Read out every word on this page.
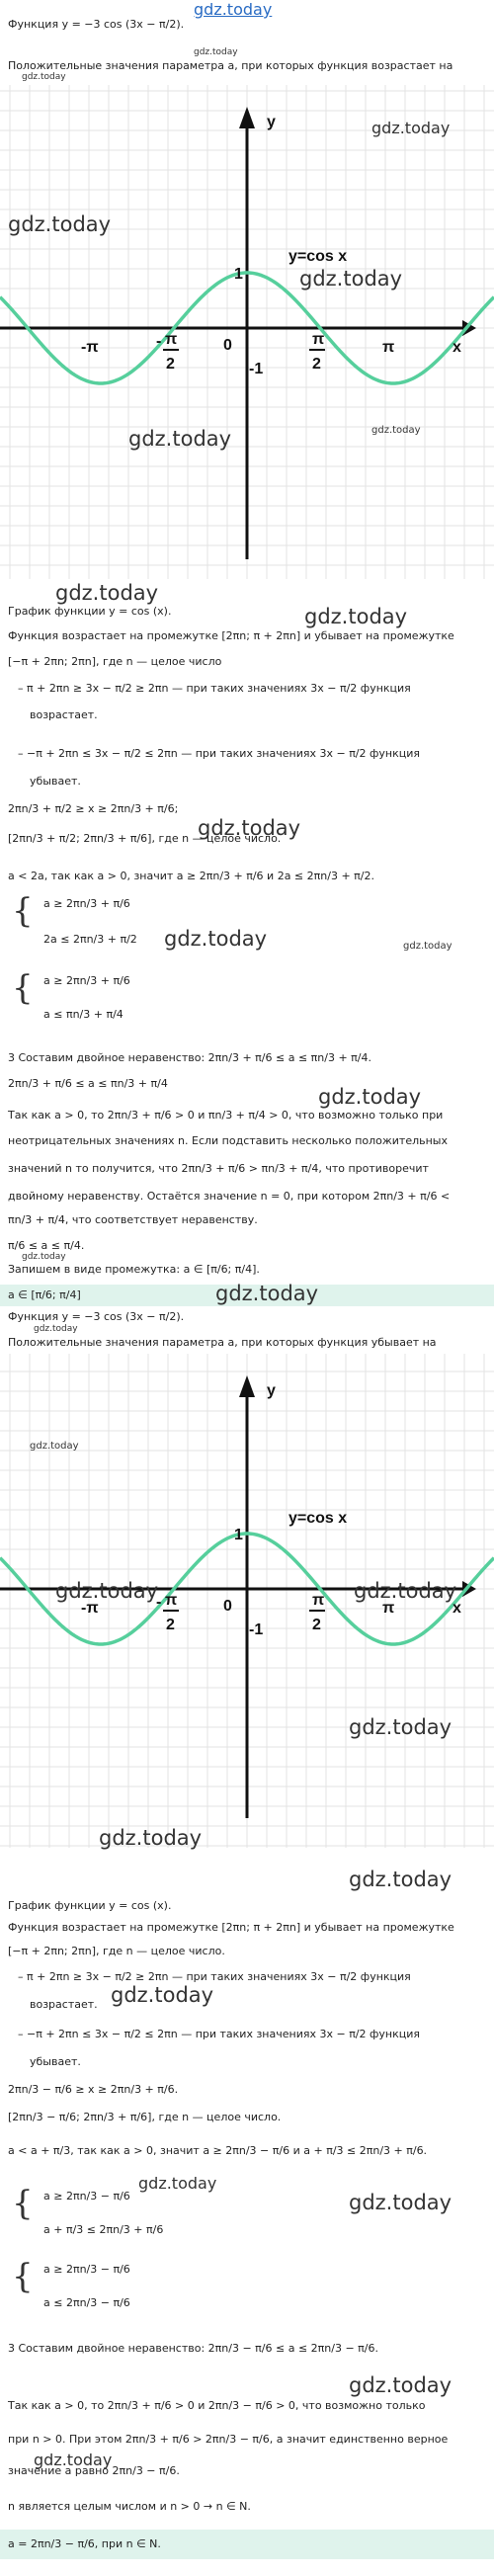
gdz.today
Функция y = −3 cos (3x − π/2).
gdz.today
Положительные значения параметра a, при которых функция возрастает на
gdz.today
y
x
y=cos x
0
-1
1
-π	- π
2
π
2
π
gdz.today
gdz.today
gdz.today
gdz.today	gdz.today
gdz.today
gdz.today
График функции y = cos (x).
Функция возрастает на промежутке [2πn; π + 2πn] и убывает на промежутке
[−π + 2πn; 2πn], где n — целое число
– π + 2πn ≥ 3x − π/2 ≥ 2πn — при таких значениях 3x − π/2 функция
возрастает.
– −π + 2πn ≤ 3x − π/2 ≤ 2πn — при таких значениях 3x − π/2 функция
убывает.
2πn/3 + π/2 ≥ x ≥ 2πn/3 + π/6;
gdz.today
[2πn/3 + π/2; 2πn/3 + π/6], где n — целое число.
a < 2a, так как a > 0, значит a ≥ 2πn/3 + π/6 и 2a ≤ 2πn/3 + π/2.
{ a ≥ 2πn/3 + π/6
2a ≤ 2πn/3 + π/2 gdz.today	gdz.today
{ a ≥ 2πn/3 + π/6
a ≤ πn/3 + π/4
3 Составим двойное неравенство: 2πn/3 + π/6 ≤ a ≤ πn/3 + π/4.
2πn/3 + π/6 ≤ a ≤ πn/3 + π/4
gdz.today
Так как a > 0, то 2πn/3 + π/6 > 0 и πn/3 + π/4 > 0, что возможно только при
неотрицательных значениях n. Если подставить несколько положительных
значений n то получится, что 2πn/3 + π/6 > πn/3 + π/4, что противоречит
двойному неравенству. Остаётся значение n = 0, при котором 2πn/3 + π/6 <
πn/3 + π/4, что соответствует неравенству.
π/6 ≤ a ≤ π/4.
gdz.today
Запишем в виде промежутка: a ∈ [π/6; π/4].
a ∈ [π/6; π/4]	gdz.today
Функция y = −3 cos (3x − π/2).
gdz.today
Положительные значения параметра a, при которых функция убывает на
y
x
y=cos x
0
-1
1
-π	- π
2
π
2
π
gdz.today
gdz.today	gdz.today
gdz.today
gdz.today
gdz.today
График функции y = cos (x).
Функция возрастает на промежутке [2πn; π + 2πn] и убывает на промежутке
[−π + 2πn; 2πn], где n — целое число.
– π + 2πn ≥ 3x − π/2 ≥ 2πn — при таких значениях 3x − π/2 функция
gdz.today
возрастает.
– −π + 2πn ≤ 3x − π/2 ≤ 2πn — при таких значениях 3x − π/2 функция
убывает.
2πn/3 − π/6 ≥ x ≥ 2πn/3 + π/6.
[2πn/3 − π/6; 2πn/3 + π/6], где n — целое число.
a < a + π/3, так как a > 0, значит a ≥ 2πn/3 − π/6 и a + π/3 ≤ 2πn/3 + π/6.
gdz.today
{ a ≥ 2πn/3 − π/6
a + π/3 ≤ 2πn/3 + π/6
gdz.today
{ a ≥ 2πn/3 − π/6
a ≤ 2πn/3 − π/6
3 Составим двойное неравенство: 2πn/3 − π/6 ≤ a ≤ 2πn/3 − π/6.
gdz.today
Так как a > 0, то 2πn/3 + π/6 > 0 и 2πn/3 − π/6 > 0, что возможно только
при n > 0. При этом 2πn/3 + π/6 > 2πn/3 − π/6, а значит единственно верное
gdz.today
значение a равно 2πn/3 − π/6.
n является целым числом и n > 0 → n ∈ N.
a = 2πn/3 − π/6, при n ∈ N.
